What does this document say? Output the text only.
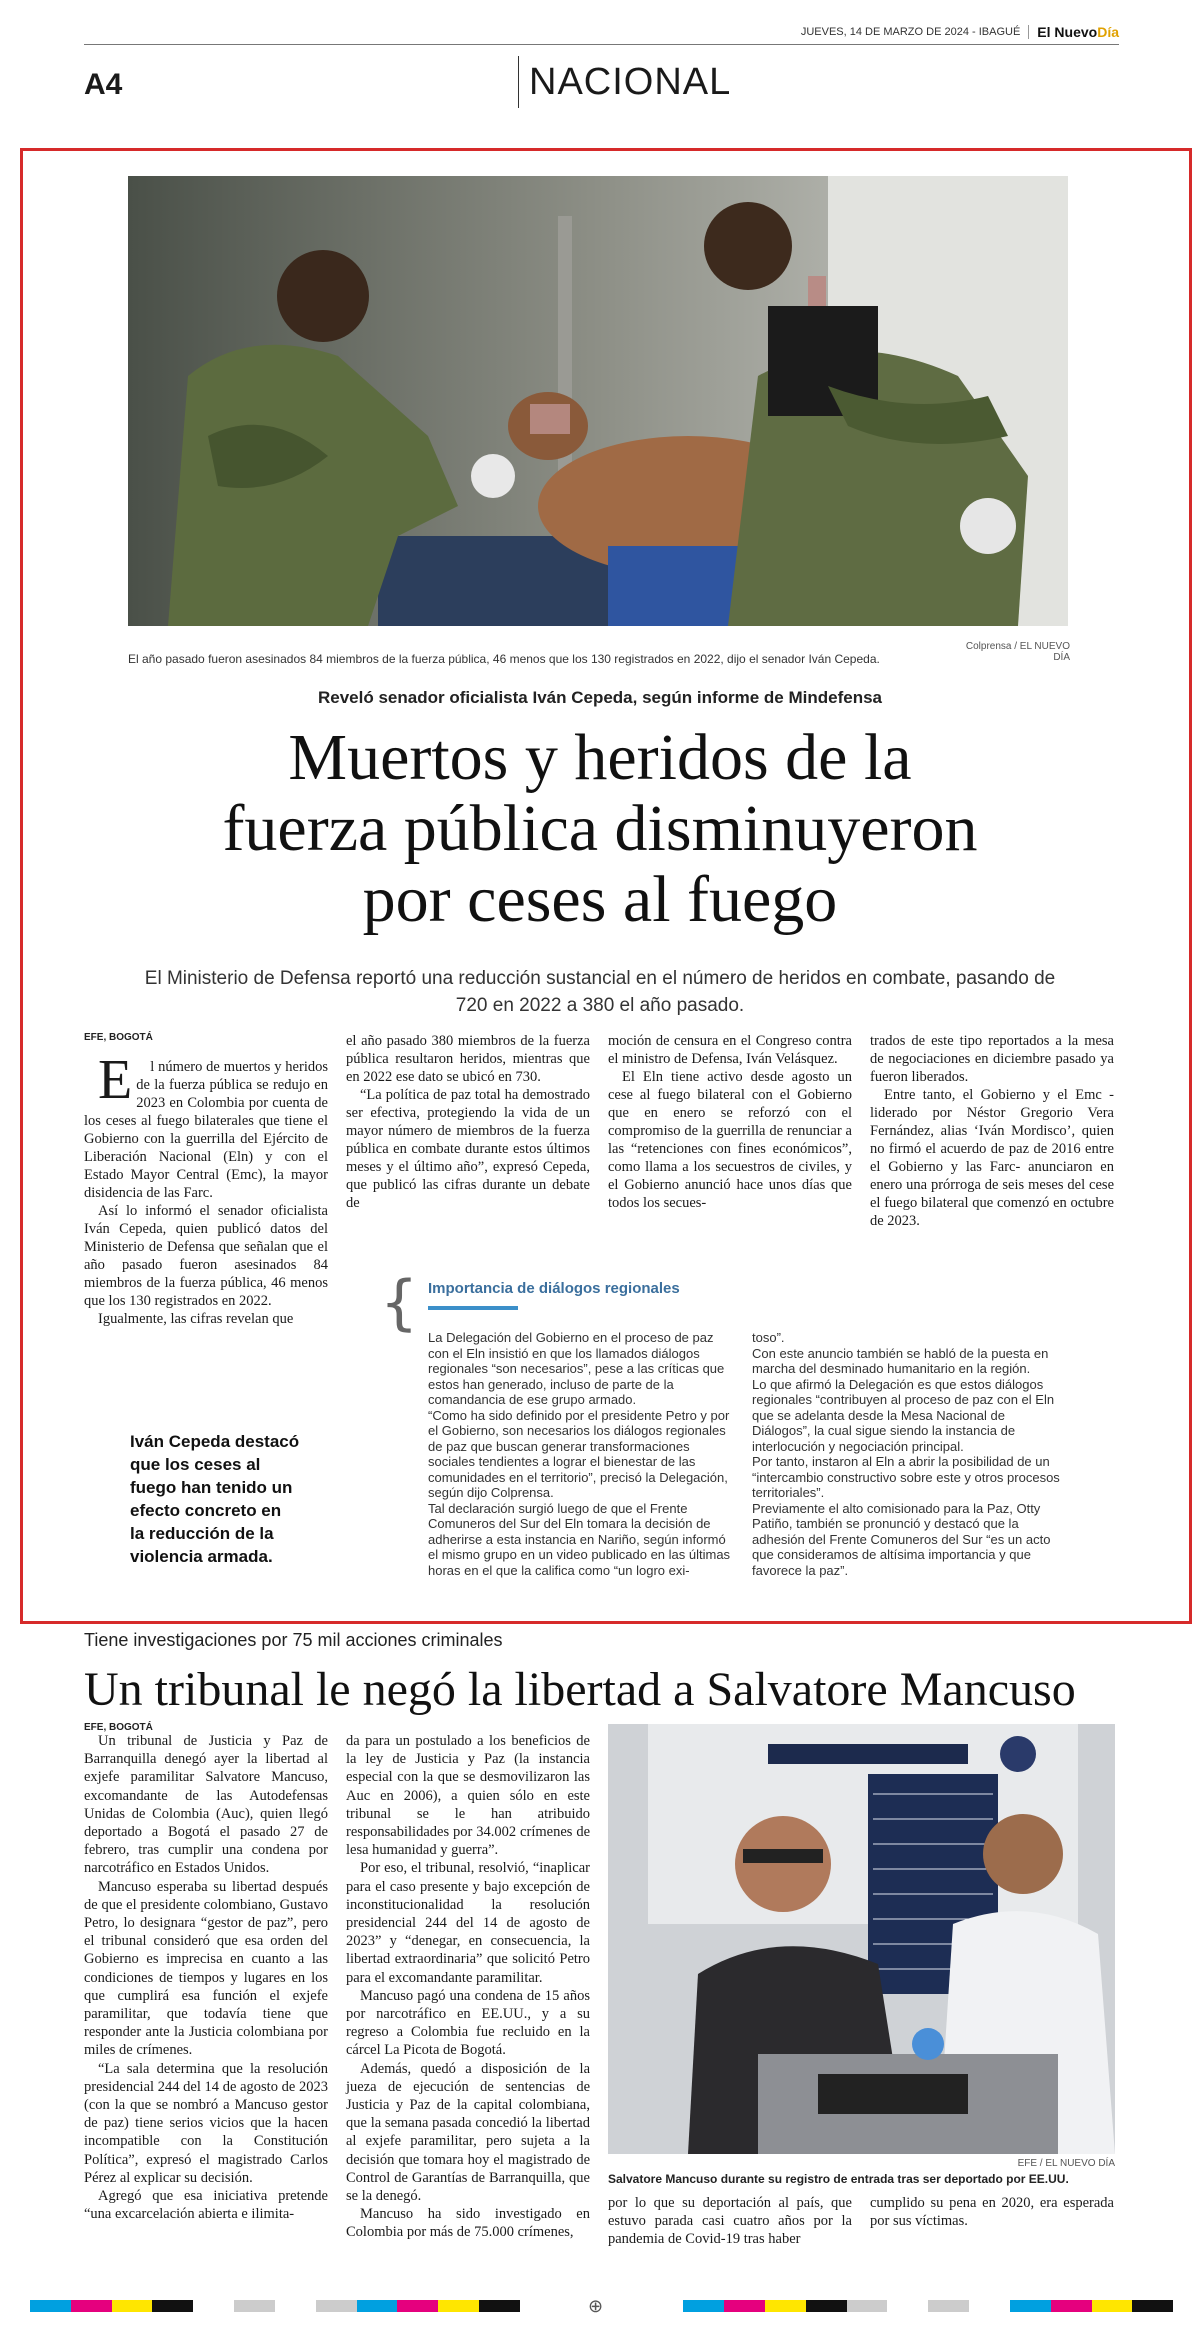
JUEVES, 14 DE MARZO DE 2024 - IBAGUÉ El NuevoDía
A4	NACIONAL
El año pasado fueron asesinados 84 miembros de la fuerza pública, 46 menos que los 130 registrados en 2022, dijo el senador Iván Cepeda.
Colprensa / EL NUEVO DÍA
Reveló senador oficialista Iván Cepeda, según informe de Mindefensa
Muertos y heridos de la
fuerza pública disminuyeron
por ceses al fuego
El Ministerio de Defensa reportó una reducción sustancial en el número de heridos en combate, pasando de 720 en 2022 a 380 el año pasado.
EFE, BOGOTÁ

El número de muertos y heridos de la fuerza pública se redujo en 2023 en Colombia por cuenta de los ceses al fuego bilaterales que tiene el Gobierno con la guerrilla del Ejército de Liberación Nacional (Eln) y con el Estado Mayor Central (Emc), la mayor disidencia de las Farc.

Así lo informó el senador oficialista Iván Cepeda, quien publicó datos del Ministerio de Defensa que señalan que el año pasado fueron asesinados 84 miembros de la fuerza pública, 46 menos que los 130 registrados en 2022.

Igualmente, las cifras revelan que

Iván Cepeda destacó que los ceses al fuego han tenido un efecto concreto en la reducción de la violencia armada.

el año pasado 380 miembros de la fuerza pública resultaron heridos, mientras que en 2022 ese dato se ubicó en 730.

“La política de paz total ha demostrado ser efectiva, protegiendo la vida de un mayor número de miembros de la fuerza pública en combate durante estos últimos meses y el último año”, expresó Cepeda, que publicó las cifras durante un debate de

moción de censura en el Congreso contra el ministro de Defensa, Iván Velásquez.

El Eln tiene activo desde agosto un cese al fuego bilateral con el Gobierno que en enero se reforzó con el compromiso de la guerrilla de renunciar a las “retenciones con fines económicos”, como llama a los secuestros de civiles, y el Gobierno anunció hace unos días que todos los secues-

trados de este tipo reportados a la mesa de negociaciones en diciembre pasado ya fueron liberados.

Entre tanto, el Gobierno y el Emc - liderado por Néstor Gregorio Vera Fernández, alias ‘Iván Mordisco’, quien no firmó el acuerdo de paz de 2016 entre el Gobierno y las Farc- anunciaron en enero una prórroga de seis meses del cese el fuego bilateral que comenzó en octubre de 2023.

{ Importancia de diálogos regionales
La Delegación del Gobierno en el proceso de paz con el Eln insistió en que los llamados diálogos regionales “son necesarios”, pese a las críticas que estos han generado, incluso de parte de la comandancia de ese grupo armado.
“Como ha sido definido por el presidente Petro y por el Gobierno, son necesarios los diálogos regionales de paz que buscan generar transformaciones sociales tendientes a lograr el bienestar de las comunidades en el territorio”, precisó la Delegación, según dijo Colprensa.
Tal declaración surgió luego de que el Frente Comuneros del Sur del Eln tomara la decisión de adherirse a esta instancia en Nariño, según informó el mismo grupo en un video publicado en las últimas horas en el que la califica como “un logro exi-
toso”.
Con este anuncio también se habló de la puesta en marcha del desminado humanitario en la región.
Lo que afirmó la Delegación es que estos diálogos regionales “contribuyen al proceso de paz con el Eln que se adelanta desde la Mesa Nacional de Diálogos”, la cual sigue siendo la instancia de interlocución y negociación principal.
Por tanto, instaron al Eln a abrir la posibilidad de un “intercambio constructivo sobre este y otros procesos territoriales”.
Previamente el alto comisionado para la Paz, Otty Patiño, también se pronunció y destacó que la adhesión del Frente Comuneros del Sur “es un acto que consideramos de altísima importancia y que favorece la paz”.
Tiene investigaciones por 75 mil acciones criminales
Un tribunal le negó la libertad a Salvatore Mancuso
EFE, BOGOTÁ

Un tribunal de Justicia y Paz de Barranquilla denegó ayer la libertad al exjefe paramilitar Salvatore Mancuso, excomandante de las Autodefensas Unidas de Colombia (Auc), quien llegó deportado a Bogotá el pasado 27 de febrero, tras cumplir una condena por narcotráfico en Estados Unidos.

Mancuso esperaba su libertad después de que el presidente colombiano, Gustavo Petro, lo designara “gestor de paz”, pero el tribunal consideró que esa orden del Gobierno es imprecisa en cuanto a las condiciones de tiempos y lugares en los que cumplirá esa función el exjefe paramilitar, que todavía tiene que responder ante la Justicia colombiana por miles de crímenes.

“La sala determina que la resolución presidencial 244 del 14 de agosto de 2023 (con la que se nombró a Mancuso gestor de paz) tiene serios vicios que la hacen incompatible con la Constitución Política”, expresó el magistrado Carlos Pérez al explicar su decisión.

Agregó que esa iniciativa pretende “una excarcelación abierta e ilimita-

da para un postulado a los beneficios de la ley de Justicia y Paz (la instancia especial con la que se desmovilizaron las Auc en 2006), a quien sólo en este tribunal se le han atribuido responsabilidades por 34.002 crímenes de lesa humanidad y guerra”.

Por eso, el tribunal, resolvió, “inaplicar para el caso presente y bajo excepción de inconstitucionalidad la resolución presidencial 244 del 14 de agosto de 2023” y “denegar, en consecuencia, la libertad extraordinaria” que solicitó Petro para el excomandante paramilitar.

Mancuso pagó una condena de 15 años por narcotráfico en EE.UU., y a su regreso a Colombia fue recluido en la cárcel La Picota de Bogotá.

Además, quedó a disposición de la jueza de ejecución de sentencias de Justicia y Paz de la capital colombiana, que la semana pasada concedió la libertad al exjefe paramilitar, pero sujeta a la decisión que tomara hoy el magistrado de Control de Garantías de Barranquilla, que se la denegó.

Mancuso ha sido investigado en Colombia por más de 75.000 crímenes,

EFE / EL NUEVO DÍA
Salvatore Mancuso durante su registro de entrada tras ser deportado por EE.UU.

por lo que su deportación al país, que estuvo parada casi cuatro años por la pandemia de Covid-19 tras haber

cumplido su pena en 2020, era esperada por sus víctimas.

⊕
